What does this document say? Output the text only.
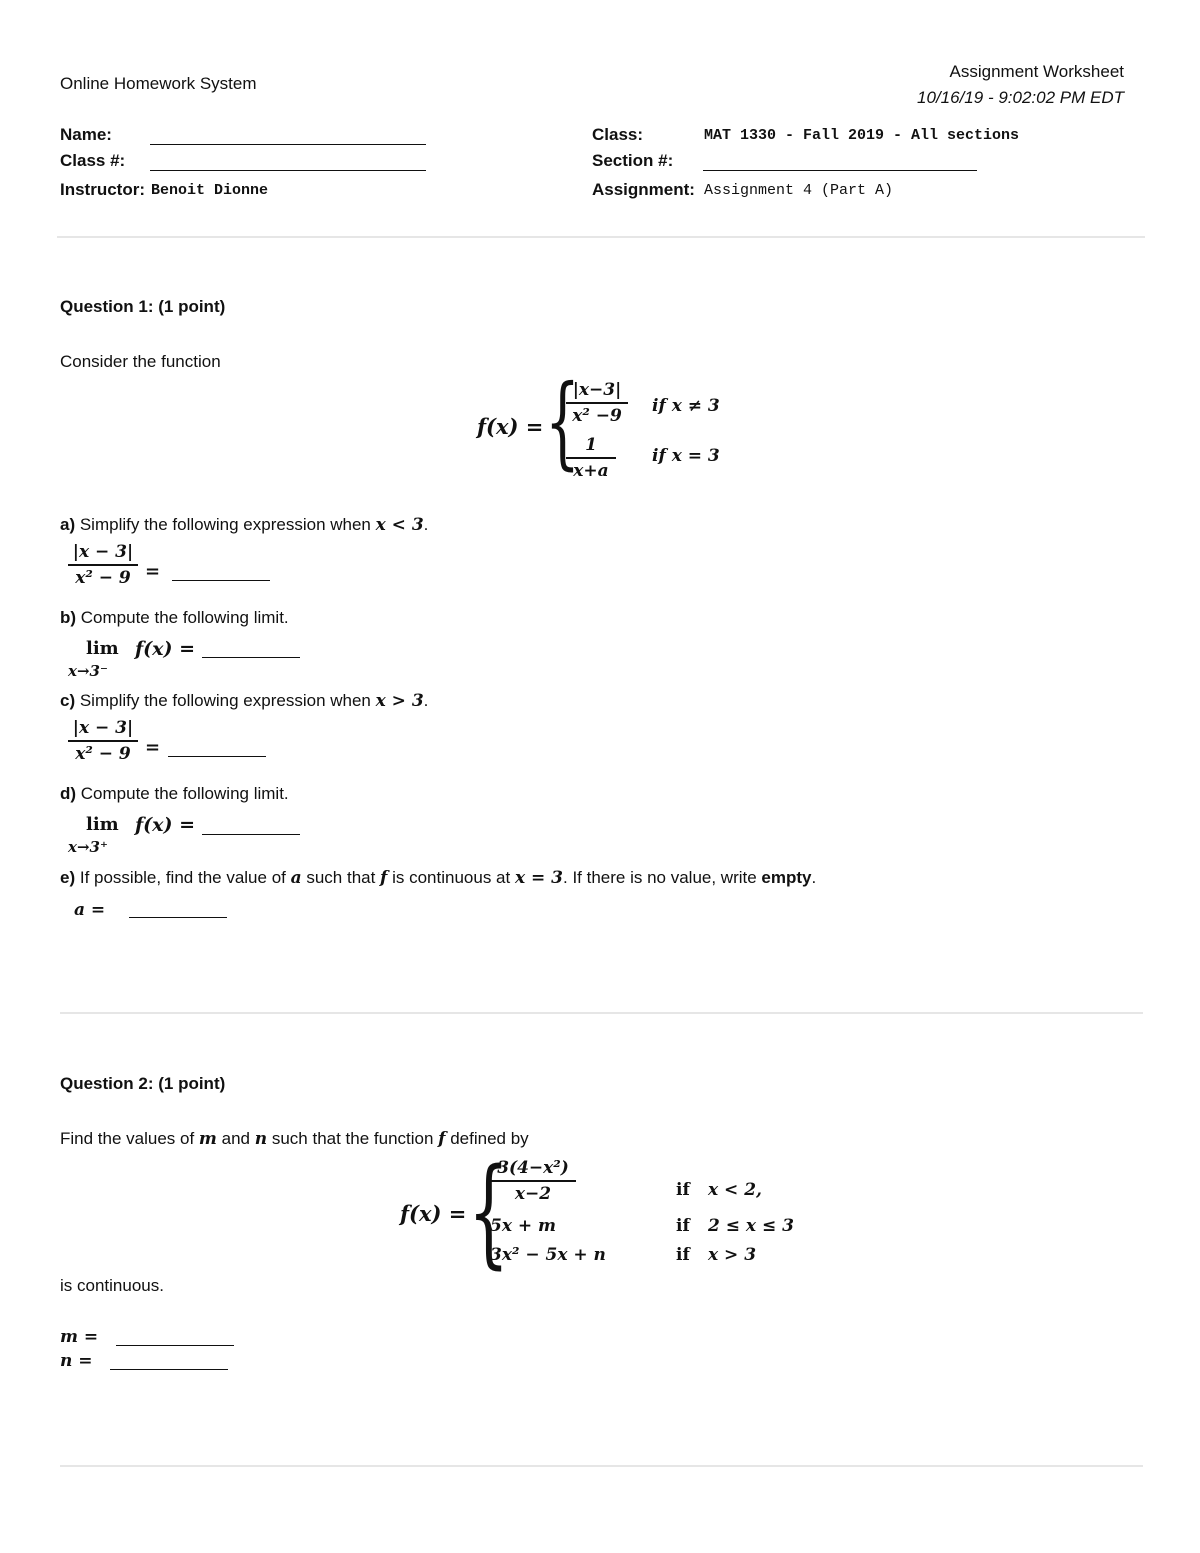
Online Homework System
Assignment Worksheet
10/16/19 - 9:02:02 PM EDT
Name:
Class #:
Instructor: Benoit Dionne
Class:	MAT 1330 - Fall 2019 - All sections
Section #:
Assignment: Assignment 4 (Part A)
Question 1: (1 point)
Consider the function
f(x) = {
|x−3|
x² −9	if x ≠ 3
1
x+a
if x = 3
a) Simplify the following expression when x < 3.
|x − 3|
x² − 9 =
b) Compute the following limit.
lim
x→3⁻
f(x) =
c) Simplify the following expression when x > 3.
|x − 3|
x² − 9 =
d) Compute the following limit.
lim
x→3⁺
f(x) =
e) If possible, find the value of a such that f is continuous at x = 3. If there is no value, write empty.
a =
Question 2: (1 point)
Find the values of m and n such that the function f defined by
f(x) = {
3(4−x²)
x−2	if x < 2,
5x + m	if 2 ≤ x ≤ 3
3x² − 5x + n	if x > 3
is continuous.
m =
n =
